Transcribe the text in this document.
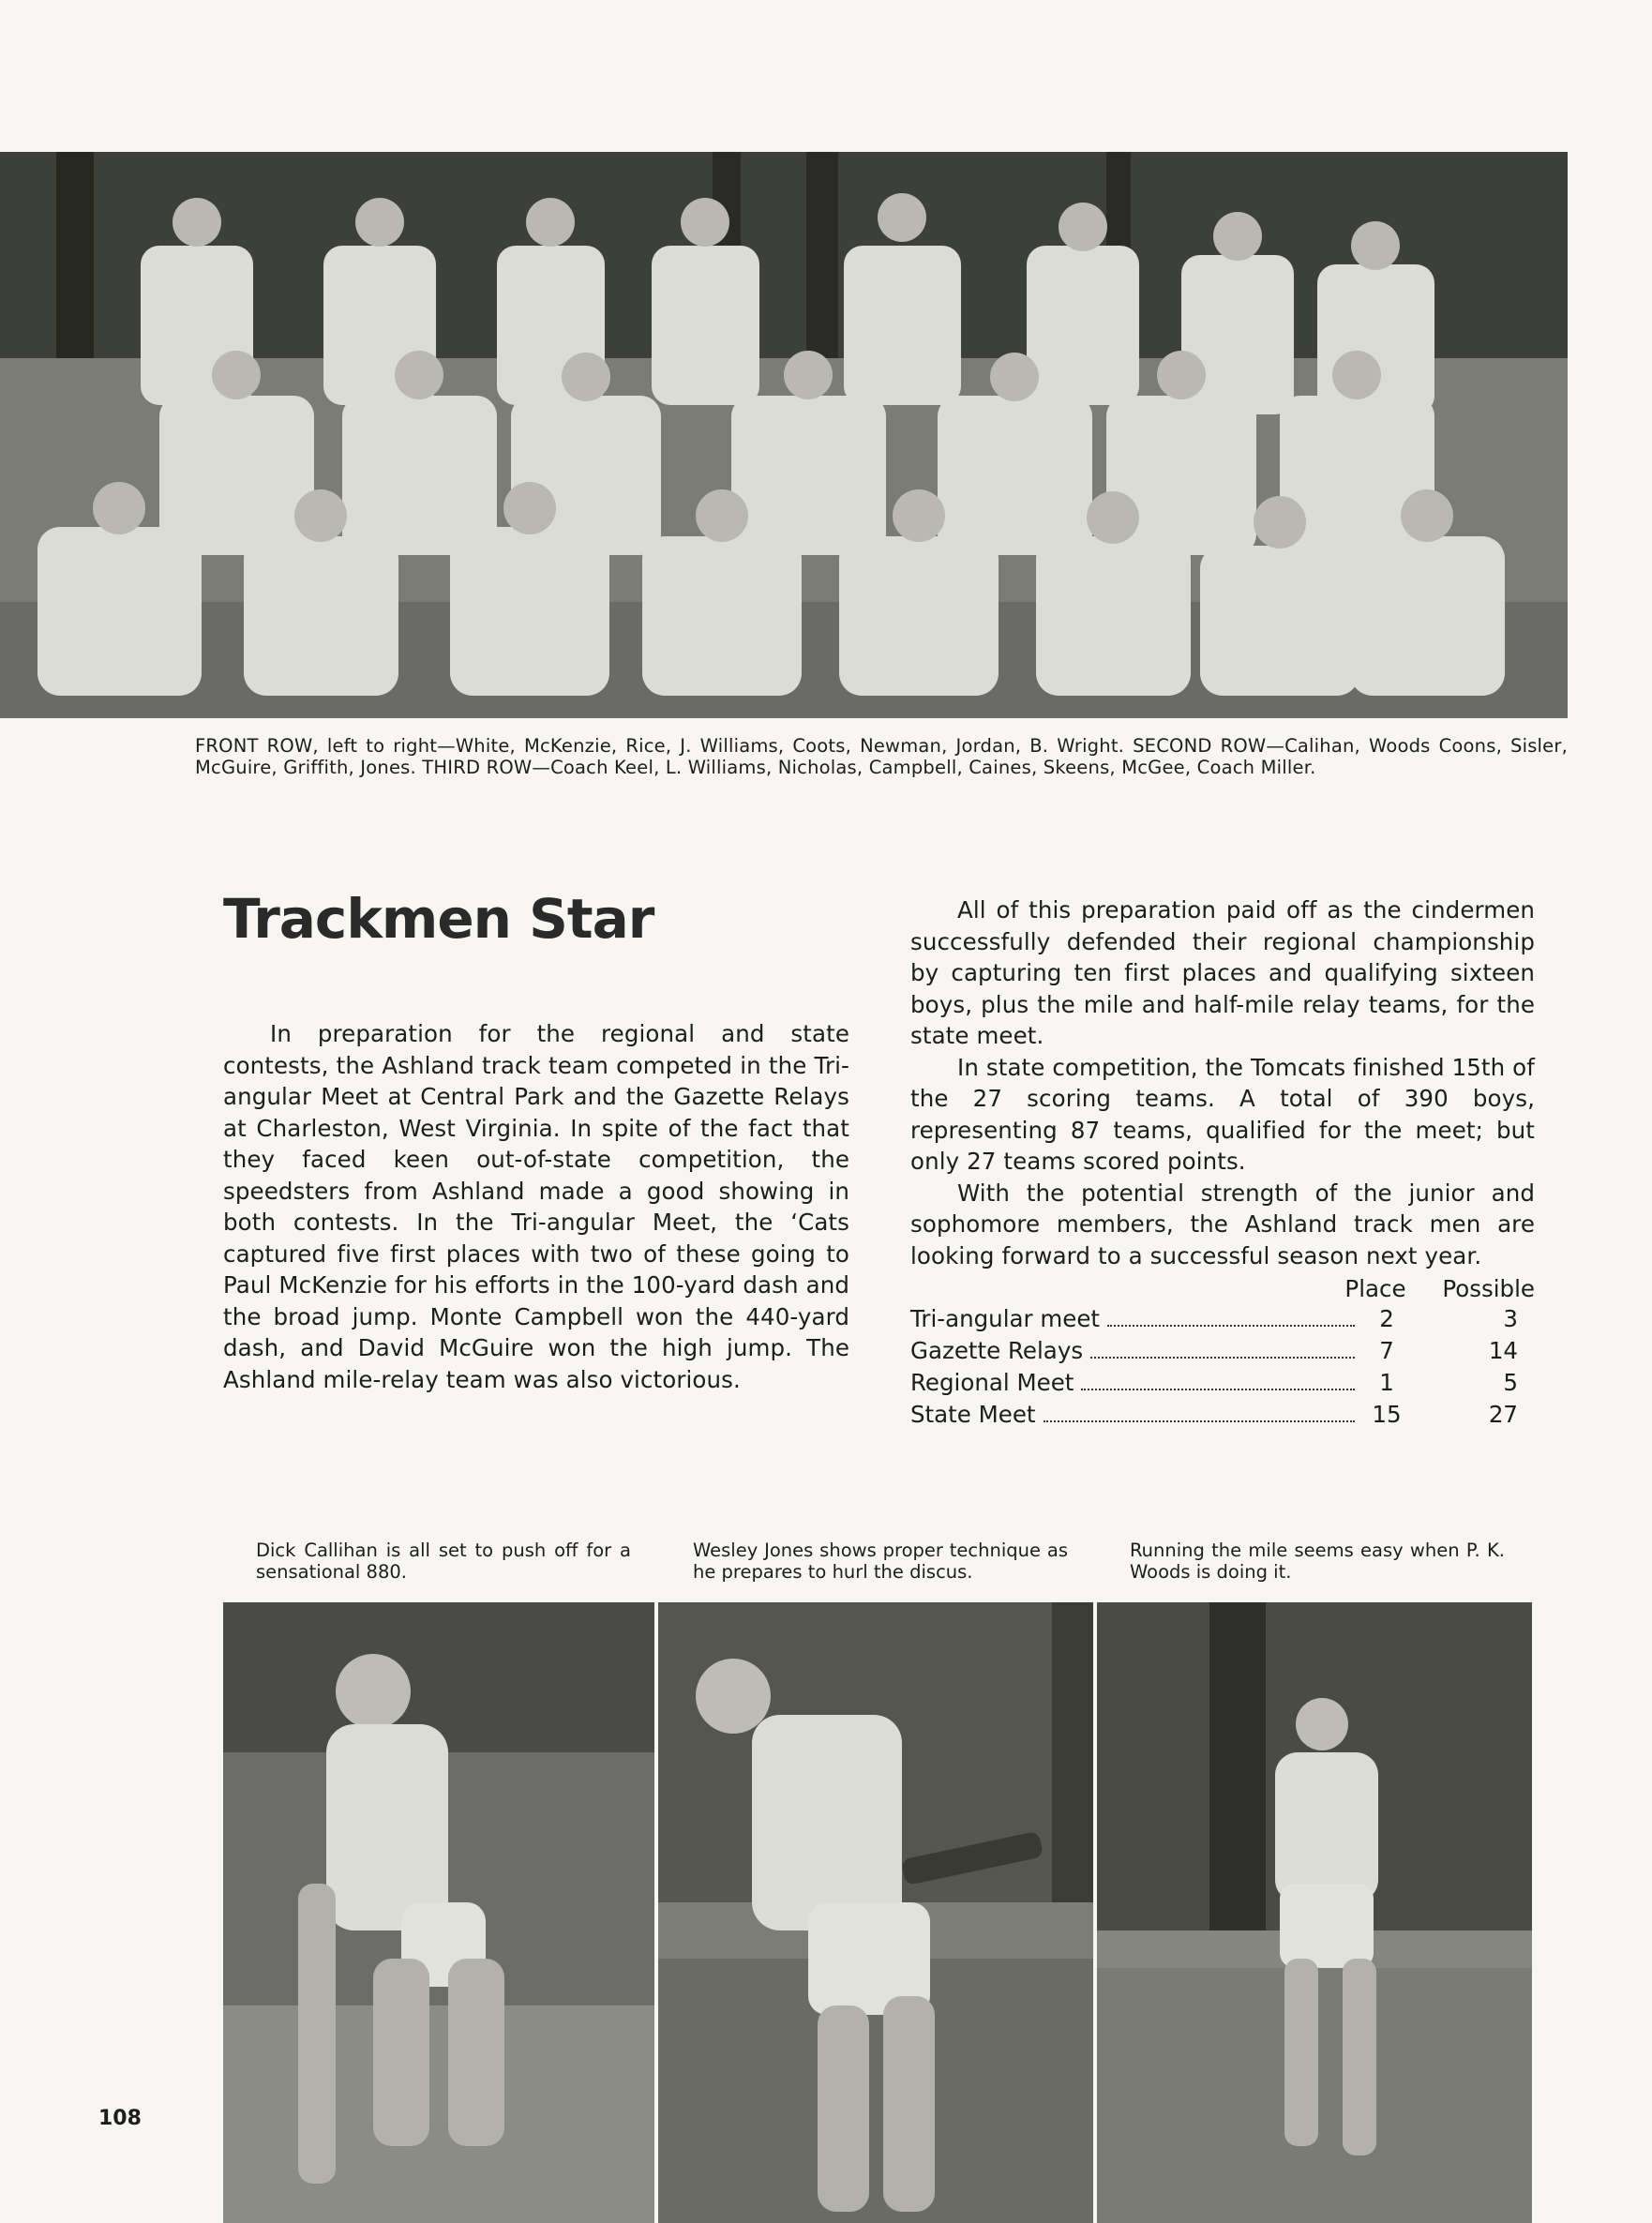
FRONT ROW, left to right—White, McKenzie, Rice, J. Williams, Coots, Newman, Jordan, B. Wright. SECOND ROW—Calihan, Woods Coons, Sisler, McGuire, Griffith, Jones. THIRD ROW—Coach Keel, L. Williams, Nicholas, Campbell, Caines, Skeens, McGee, Coach Miller.
Trackmen Star

In preparation for the regional and state contests, the Ashland track team competed in the Tri-angular Meet at Central Park and the Gazette Relays at Charleston, West Virginia. In spite of the fact that they faced keen out-of-state competition, the speedsters from Ashland made a good showing in both contests. In the Tri-angular Meet, the ‘Cats captured five first places with two of these going to Paul McKenzie for his efforts in the 100-yard dash and the broad jump. Monte Campbell won the 440-yard dash, and David McGuire won the high jump. The Ashland mile-relay team was also victorious.

All of this preparation paid off as the cindermen successfully defended their regional championship by capturing ten first places and qualifying sixteen boys, plus the mile and half-mile relay teams, for the state meet.

In state competition, the Tomcats finished 15th of the 27 scoring teams. A total of 390 boys, representing 87 teams, qualified for the meet; but only 27 teams scored points.

With the potential strength of the junior and sophomore members, the Ashland track men are looking forward to a successful season next year.

Place	Possible
Tri-angular meet	2	3
Gazette Relays	7	14
Regional Meet	1	5
State Meet	15	27
Dick Callihan is all set to push off for a sensational 880.
Wesley Jones shows proper technique as he prepares to hurl the discus.
Running the mile seems easy when P. K. Woods is doing it.
108
